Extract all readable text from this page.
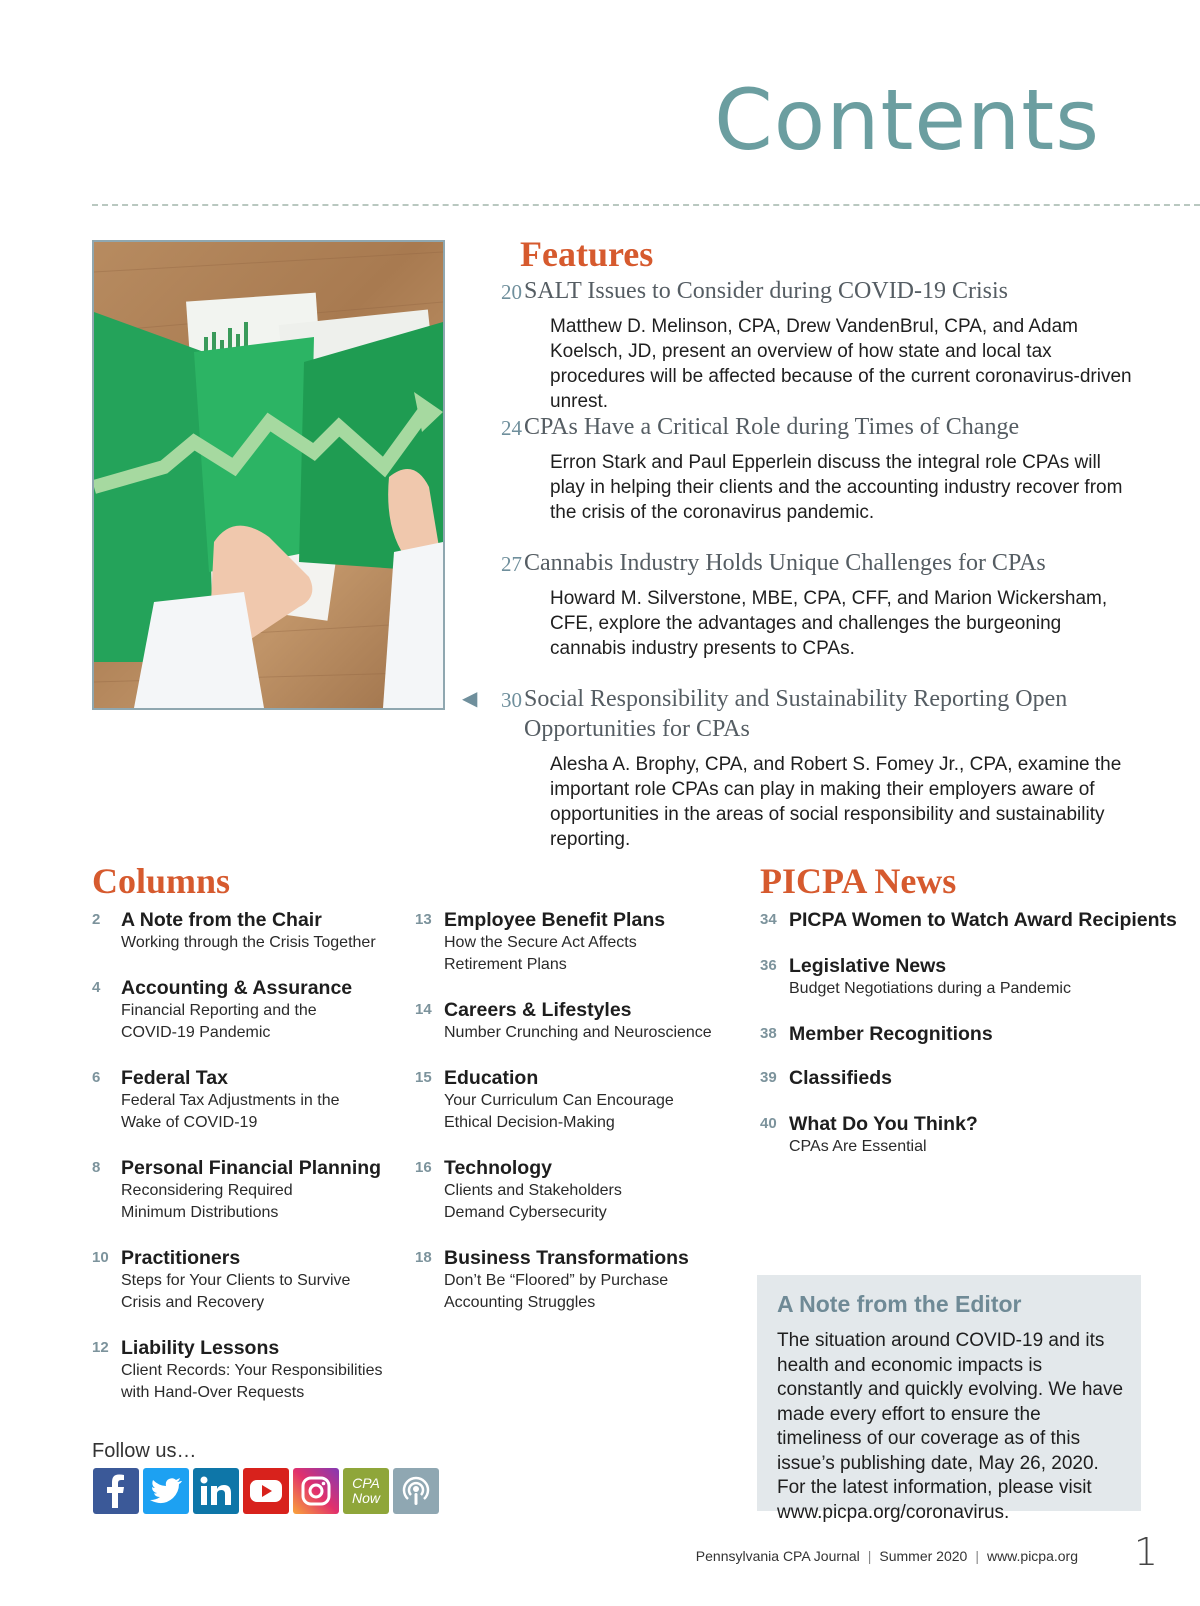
Contents
Features
20 SALT Issues to Consider during COVID-19 Crisis
Matthew D. Melinson, CPA, Drew VandenBrul, CPA, and Adam Koelsch, JD, present an overview of how state and local tax procedures will be affected because of the current coronavirus-driven unrest.
24 CPAs Have a Critical Role during Times of Change
Erron Stark and Paul Epperlein discuss the integral role CPAs will play in helping their clients and the accounting industry recover from the crisis of the coronavirus pandemic.
27 Cannabis Industry Holds Unique Challenges for CPAs
Howard M. Silverstone, MBE, CPA, CFF, and Marion Wickersham, CFE, explore the advantages and challenges the burgeoning cannabis industry presents to CPAs.
◀	30 Social Responsibility and Sustainability Reporting Open Opportunities for CPAs
Alesha A. Brophy, CPA, and Robert S. Fomey Jr., CPA, examine the important role CPAs can play in making their employers aware of opportunities in the areas of social responsibility and sustainability reporting.
Columns
2	A Note from the Chair
Working through the Crisis Together
4	Accounting & Assurance
Financial Reporting and the COVID-19 Pandemic
6	Federal Tax
Federal Tax Adjustments in the Wake of COVID-19
8	Personal Financial Planning
Reconsidering Required Minimum Distributions
10 Practitioners
Steps for Your Clients to Survive Crisis and Recovery
12 Liability Lessons
Client Records: Your Responsibilities with Hand-Over Requests
13 Employee Benefit Plans
How the Secure Act Affects Retirement Plans
14 Careers & Lifestyles
Number Crunching and Neuroscience
15 Education
Your Curriculum Can Encourage Ethical Decision-Making
16 Technology
Clients and Stakeholders Demand Cybersecurity
18 Business Transformations
Don’t Be “Floored” by Purchase Accounting Struggles
PICPA News
34 PICPA Women to Watch Award Recipients
36 Legislative News
Budget Negotiations during a Pandemic
38 Member Recognitions
39 Classifieds
40 What Do You Think?
CPAs Are Essential
Follow us…
CPA Now
A Note from the Editor
The situation around COVID-19 and its health and economic impacts is constantly and quickly evolving. We have made every effort to ensure the timeliness of our coverage as of this issue’s publishing date, May 26, 2020. For the latest information, please visit www.picpa.org/coronavirus.
Pennsylvania CPA Journal | Summer 2020 | www.picpa.org 1
